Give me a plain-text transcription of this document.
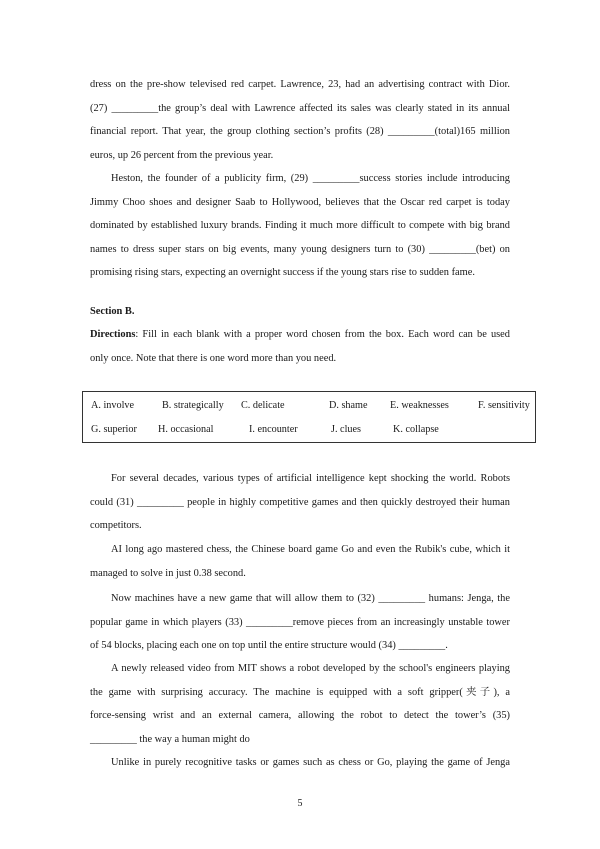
dress on the pre-show televised red carpet. Lawrence, 23, had an advertising contract with Dior.
(27) _________the group’s deal with Lawrence affected its sales was clearly stated in its annual
financial report. That year, the group clothing section’s profits (28) _________(total)165 million
euros, up 26 percent from the previous year.
Heston, the founder of a publicity firm, (29) _________success stories include introducing
Jimmy Choo shoes and designer Saab to Hollywood, believes that the Oscar red carpet is today
dominated by established luxury brands. Finding it much more difficult to compete with big brand
names to dress super stars on big events, many young designers turn to (30) _________(bet) on
promising rising stars, expecting an overnight success if the young stars rise to sudden fame.
Section B.
Directions: Fill in each blank with a proper word chosen from the box. Each word can be used
only once. Note that there is one word more than you need.
A. involve	B. strategically C. delicate	D. shame E. weaknesses	F. sensitivity
G. superior H. occasional	I. encounter	J. clues	K. collapse
For several decades, various types of artificial intelligence kept shocking the world. Robots
could (31) _________ people in highly competitive games and then quickly destroyed their human
competitors.
AI long ago mastered chess, the Chinese board game Go and even the Rubik's cube, which it
managed to solve in just 0.38 second.
Now machines have a new game that will allow them to (32) _________ humans: Jenga, the
popular game in which players (33) _________remove pieces from an increasingly unstable tower
of 54 blocks, placing each one on top until the entire structure would (34) _________.
A newly released video from MIT shows a robot developed by the school's engineers playing
the game with surprising accuracy. The machine is equipped with a soft gripper(夹子), a
force-sensing wrist and an external camera, allowing the robot to detect the tower’s (35)
_________ the way a human might do
Unlike in purely recognitive tasks or games such as chess or Go, playing the game of Jenga
5
